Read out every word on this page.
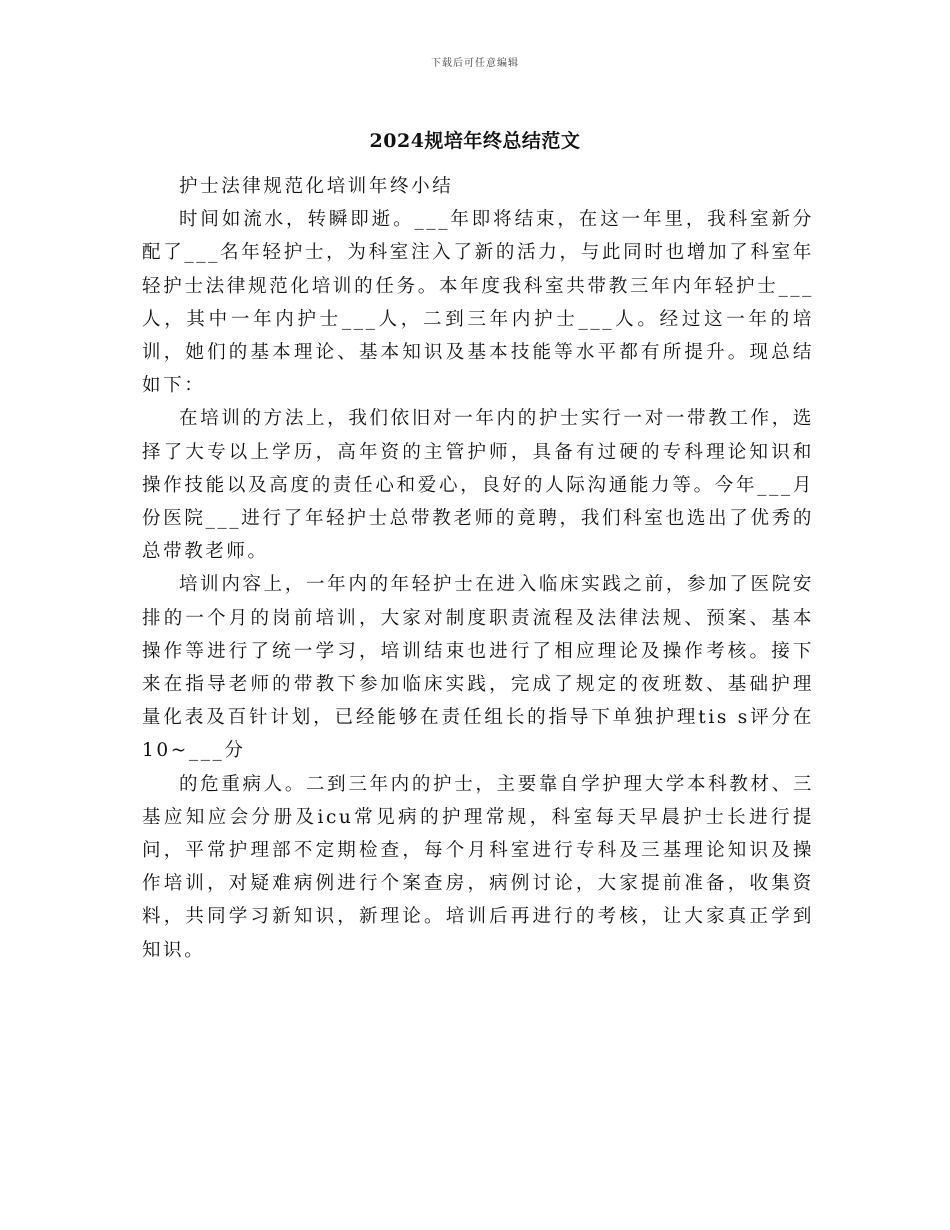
下载后可任意编辑
2024规培年终总结范文

护士法律规范化培训年终小结

时间如流水，转瞬即逝。___年即将结束，在这一年里，我科室新分配了___名年轻护士，为科室注入了新的活力，与此同时也增加了科室年轻护士法律规范化培训的任务。本年度我科室共带教三年内年轻护士___人，其中一年内护士___人，二到三年内护士___人。经过这一年的培训，她们的基本理论、基本知识及基本技能等水平都有所提升。现总结如下：

在培训的方法上，我们依旧对一年内的护士实行一对一带教工作，选择了大专以上学历，高年资的主管护师，具备有过硬的专科理论知识和操作技能以及高度的责任心和爱心，良好的人际沟通能力等。今年___月份医院___进行了年轻护士总带教老师的竟聘，我们科室也选出了优秀的总带教老师。

培训内容上，一年内的年轻护士在进入临床实践之前，参加了医院安排的一个月的岗前培训，大家对制度职责流程及法律法规、预案、基本操作等进行了统一学习，培训结束也进行了相应理论及操作考核。接下来在指导老师的带教下参加临床实践，完成了规定的夜班数、基础护理量化表及百针计划，已经能够在责任组长的指导下单独护理tis s评分在10~___分

的危重病人。二到三年内的护士，主要靠自学护理大学本科教材、三基应知应会分册及icu常见病的护理常规，科室每天早晨护士长进行提问，平常护理部不定期检查，每个月科室进行专科及三基理论知识及操作培训，对疑难病例进行个案查房，病例讨论，大家提前准备，收集资料，共同学习新知识，新理论。培训后再进行的考核，让大家真正学到知识。
